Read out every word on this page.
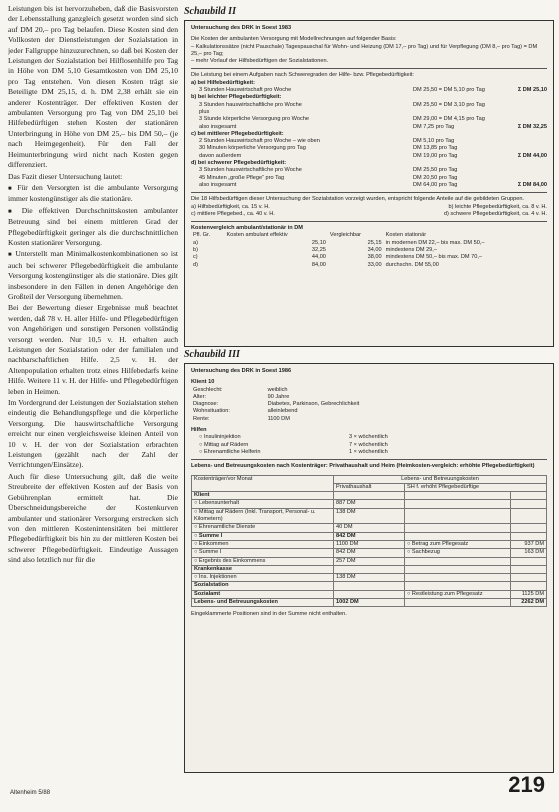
Leistungen bis ist hervorzuheben, daß die Basisvorsten der Lebensstallung ganzgleich gesetzt worden sind sich auf DM 20,– pro Tag belaufen. Diese Kosten sind den Vollkosten der Dienstleistungen der Sozialstation in jeder Fallgruppe hinzuzurechnen, so daß bei Kosten der Leistungen der Sozialstation bei Hilflosenhilfe pro Tag in Höhe von DM 5,10 Gesamtkosten von DM 25,10 pro Tag entstehen. Von diesen Kosten trägt sie Beteiligte DM 25,15, d. h. DM 2,38 erhält sie ein anderer Kostenträger. Der effektiven Kosten der ambulanten Versorgung pro Tag von DM 25,10 bei Hilfebedürftigen stehen Kosten der stationären Unterbringung in Höhe von DM 25,– bis DM 50,– (je nach Heimgegenheit). Für den Fall der Heimunterbringung wird nicht nach Kosten gegen differenziert.

Das Fazit dieser Untersuchung lautet:

■ Für den Versorgten ist die ambulante Versorgung immer kostengünstiger als die stationäre.

■ Die effektiven Durchschnittskosten ambulanter Betreuung sind bei einem mittleren Grad der Pflegebedürftigkeit geringer als die durchschnittlichen Kosten stationärer Versorgung.

■ Unterstellt man Minimalkostenkombinationen so ist auch bei schwerer Pflegebedürftigkeit die ambulante Versorgung kostengünstiger als die stationäre. Dies gilt insbesondere in den Fällen in denen Angehörige den Großteil der Versorgung übernehmen.

Bei der Bewertung dieser Ergebnisse muß beachtet werden, daß 78 v. H. aller Hilfe- und Pflegebedürftigen von Angehörigen und sonstigen Personen vollständig versorgt werden. Nur 10,5 v. H. erhalten auch Leistungen der Sozialstation oder der familialen und nachbarschaftlichen Hilfe. 2,5 v. H. der Altenpopulation erhalten trotz eines Hilfebedarfs keine Hilfe. Weitere 11 v. H. der Hilfe- und Pflegebedürftigen leben in Heimen.

Im Vordergrund der Leistungen der Sozialstation stehen eindeutig die Behandlungspflege und die körperliche Versorgung. Die hauswirtschaftliche Versorgung erreicht nur einen vergleichsweise kleinen Anteil von 10 v. H. der von der Sozialstation erbrachten Leistungen (gezählt nach der Zahl der Verrichtungen/Einsätze).

Auch für diese Untersuchung gilt, daß die weite Streubreite der effektiven Kosten auf der Basis von Gebührenplan ermittelt hat. Die Überschneidungsbereiche der Kostenkurven ambulanter und stationärer Versorgung erstrecken sich von den mittleren Kostenintensitäten bei mittlerer Pflegebedürftigkeit bis hin zu der mittleren Kosten bei schwerer Pflegebedürftigkeit. Eindeutige Aussagen sind also letztlich nur für die

Schaubild II
Untersuchung des DRK in Soest 1983
Die Kosten der ambulanten Versorgung mit Modellrechnungen auf folgender Basis:
– Kalkulationssätze (nicht Pauschale) Tagespauschal für Wohn- und Heizung (DM 17,– pro Tag) und für Verpflegung (DM 8,– pro Tag) = DM 25,– pro Tag;
– mehr Vorlauf der Hilfsbedürftigen der Sozialstationen.
Die Leistung bei einem Aufgaben nach Schweregraden der Hilfe- bzw. Pflegebedürftigkeit:
a) bei Hilfebedürftigkeit:
3 Stunden Hauswirtschaft pro Woche	DM 25,50 = DM 5,10 pro Tag	Σ DM 25,10
b) bei leichter Pflegebedürftigkeit:
3 Stunden hauswirtschaftliche pro Woche	DM 25,50 = DM 3,10 pro Tag
plus
3 Stunde körperliche Versorgung pro Woche	DM 29,00 = DM 4,15 pro Tag
also insgesamt	DM 7,25 pro Tag	Σ DM 32,25
c) bei mittlerer Pflegebedürftigkeit:
2 Stunden Hauswirtschaft pro Woche – wie oben	DM 5,10 pro Tag
30 Minuten körperliche Versorgung pro Tag	DM 13,85 pro Tag
davon außerdem	DM 19,00 pro Tag	Σ DM 44,00
d) bei schwerer Pflegebedürftigkeit:
3 Stunden hauswirtschaftliche pro Woche	DM 25,50 pro Tag
45 Minuten „große Pflege“ pro Tag	DM 20,50 pro Tag
also insgesamt	DM 64,00 pro Tag	Σ DM 84,00
Die 18 Hilfsbedürftigen dieser Untersuchung der Sozialstation vorzeigt wurden, entspricht folgende Anteile auf die gebildeten Gruppen.
a) Hilfsbedürftigkeit, ca. 15 v. H.	b) leichte Pflegebedürftigkeit, ca. 8 v. H.
c) mittlere Pflegebed., ca. 40 v. H.	d) schwere Pflegebedürftigkeit, ca. 4 v. H.
Kostenvergleich ambulant/stationär in DM
Pfl. Gr.	Kosten ambulant effektiv	Vergleichbar	Kosten stationär
a)	25,10	25,15	in modernen DM 22,– bis max. DM 50,–
b)	32,25	34,00	mindestens DM 29,–
c)	44,00	38,00	mindestens DM 50,– bis max. DM 70,–
d)	84,00	33,00	durchschn. DM 55,00
Schaubild III
Untersuchung des DRK in Soest 1986
Klient 10
Geschlecht:	weiblich
Alter:	90 Jahre
Diagnose:	Diabetes, Parkinson, Gebrechlichkeit
Wohnsituation:	alleinlebend
Rente:	1100 DM
Hilfen
○ Insulininjektion	3 × wöchentlich
○ Mittag auf Rädern	7 × wöchentlich
○ Ehrenamtliche Helferin	1 × wöchentlich
Lebens- und Betreuungskosten nach Kostenträger: Privathaushalt und Heim (Heimkosten-vergleich: erhöhte Pflegebedürftigkeit)
Kostenträger/vor Monat	Lebens- und Betreuungskosten		
	Privathaushalt	SH f. erhöht Pflegebedürftige	
Klient			
○ Lebensunterhalt	887 DM		
○ Mittag auf Rädern (Inkl. Transport, Personal- u. Kilometern)	138 DM		
○ Ehrenamtliche Dienste	40 DM		
○ Summe I	842 DM		
○ Einkommen	1100 DM	○ Betrag zum Pflegesatz	937 DM
○ Summe I	842 DM	○ Sachbezug	163 DM
○ Ergebnis des Einkommens	257 DM		
Krankenkasse			
○ Ins. Injektionen	138 DM		
Sozialstation			
Sozialamt		○ Restleistung zum Pflegesatz	1125 DM
Lebens- und Betreuungskosten	1002 DM		2262 DM
Eingeklammerte Positionen sind in der Summe nicht enthalten.
Altenheim 5/88	219
